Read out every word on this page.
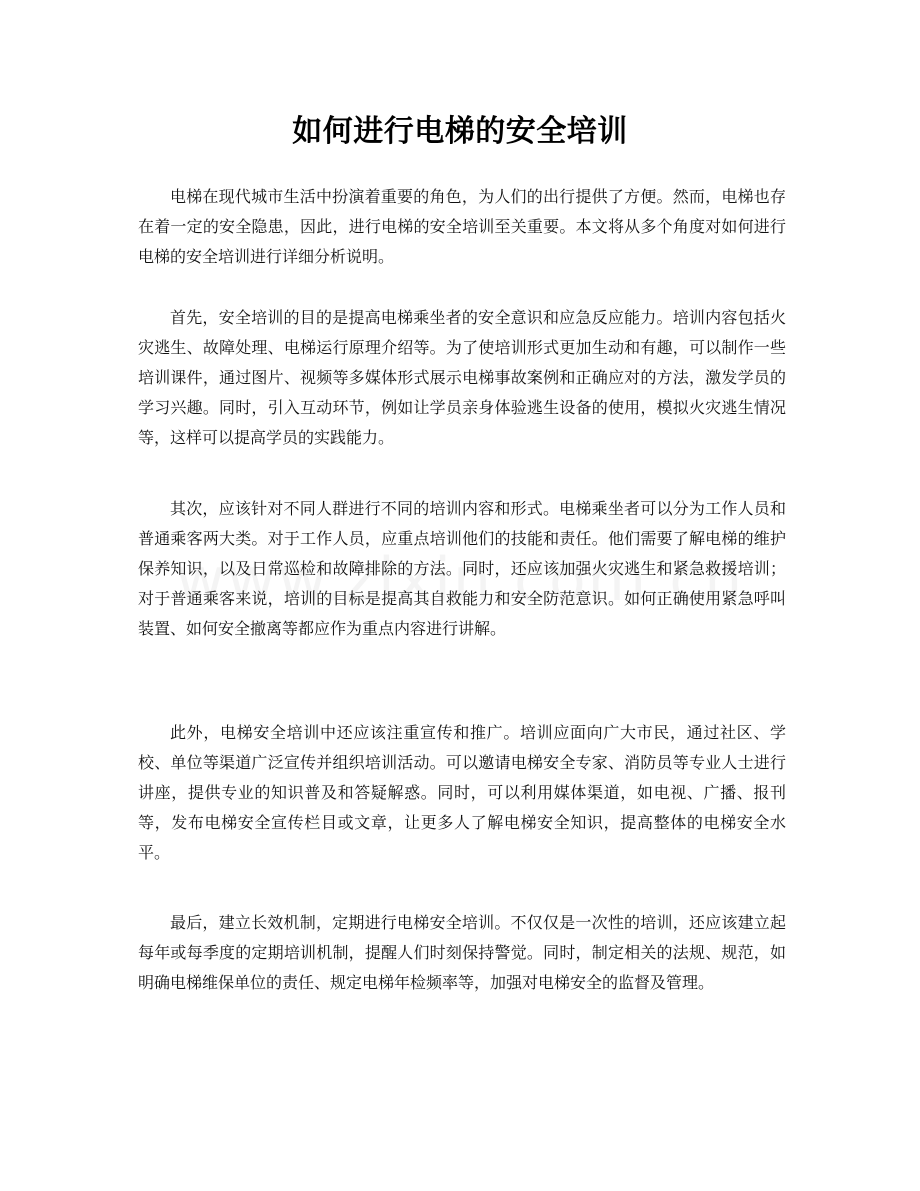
如何进行电梯的安全培训

电梯在现代城市生活中扮演着重要的角色，为人们的出行提供了方便。然而，电梯也存在着一定的安全隐患，因此，进行电梯的安全培训至关重要。本文将从多个角度对如何进行电梯的安全培训进行详细分析说明。

首先，安全培训的目的是提高电梯乘坐者的安全意识和应急反应能力。培训内容包括火灾逃生、故障处理、电梯运行原理介绍等。为了使培训形式更加生动和有趣，可以制作一些培训课件，通过图片、视频等多媒体形式展示电梯事故案例和正确应对的方法，激发学员的学习兴趣。同时，引入互动环节，例如让学员亲身体验逃生设备的使用，模拟火灾逃生情况等，这样可以提高学员的实践能力。

其次，应该针对不同人群进行不同的培训内容和形式。电梯乘坐者可以分为工作人员和普通乘客两大类。对于工作人员，应重点培训他们的技能和责任。他们需要了解电梯的维护保养知识，以及日常巡检和故障排除的方法。同时，还应该加强火灾逃生和紧急救援培训；对于普通乘客来说，培训的目标是提高其自救能力和安全防范意识。如何正确使用紧急呼叫装置、如何安全撤离等都应作为重点内容进行讲解。

此外，电梯安全培训中还应该注重宣传和推广。培训应面向广大市民，通过社区、学校、单位等渠道广泛宣传并组织培训活动。可以邀请电梯安全专家、消防员等专业人士进行讲座，提供专业的知识普及和答疑解惑。同时，可以利用媒体渠道，如电视、广播、报刊等，发布电梯安全宣传栏目或文章，让更多人了解电梯安全知识，提高整体的电梯安全水平。

最后，建立长效机制，定期进行电梯安全培训。不仅仅是一次性的培训，还应该建立起每年或每季度的定期培训机制，提醒人们时刻保持警觉。同时，制定相关的法规、规范，如明确电梯维保单位的责任、规定电梯年检频率等，加强对电梯安全的监督及管理。
